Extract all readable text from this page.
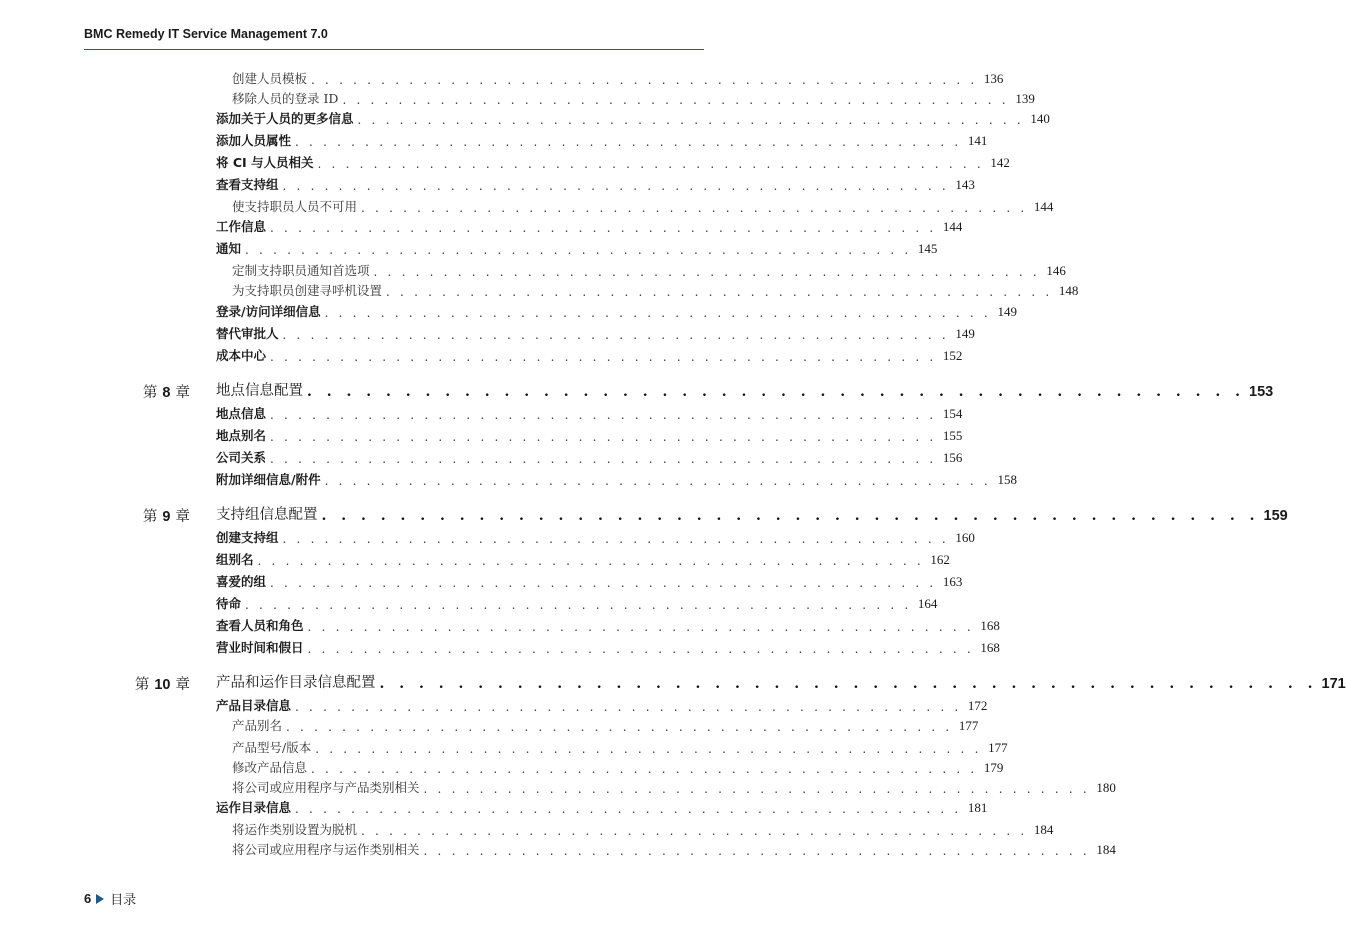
BMC Remedy IT Service Management 7.0
创建人员模板 . . . . . . . . . . . . . . . . . . . . . . . . . . . . . . . . . . . . . . . . . . . . . . . . 136
移除人员的登录 ID . . . . . . . . . . . . . . . . . . . . . . . . . . . . . . . . . . . . . . . . . . . . . . . . 139
添加关于人员的更多信息 . . . . . . . . . . . . . . . . . . . . . . . . . . . . . . . . . . . . . . . . . . . . . . . . 140
添加人员属性 . . . . . . . . . . . . . . . . . . . . . . . . . . . . . . . . . . . . . . . . . . . . . . . . 141
将 CI 与人员相关 . . . . . . . . . . . . . . . . . . . . . . . . . . . . . . . . . . . . . . . . . . . . . . . . 142
查看支持组 . . . . . . . . . . . . . . . . . . . . . . . . . . . . . . . . . . . . . . . . . . . . . . . . 143
使支持职员人员不可用 . . . . . . . . . . . . . . . . . . . . . . . . . . . . . . . . . . . . . . . . . . . . . . . . 144
工作信息 . . . . . . . . . . . . . . . . . . . . . . . . . . . . . . . . . . . . . . . . . . . . . . . . 144
通知 . . . . . . . . . . . . . . . . . . . . . . . . . . . . . . . . . . . . . . . . . . . . . . . . 145
定制支持职员通知首选项 . . . . . . . . . . . . . . . . . . . . . . . . . . . . . . . . . . . . . . . . . . . . . . . . 146
为支持职员创建寻呼机设置 . . . . . . . . . . . . . . . . . . . . . . . . . . . . . . . . . . . . . . . . . . . . . . . . 148
登录/访问详细信息 . . . . . . . . . . . . . . . . . . . . . . . . . . . . . . . . . . . . . . . . . . . . . . . . 149
替代审批人 . . . . . . . . . . . . . . . . . . . . . . . . . . . . . . . . . . . . . . . . . . . . . . . . 149
成本中心 . . . . . . . . . . . . . . . . . . . . . . . . . . . . . . . . . . . . . . . . . . . . . . . . 152
第 8 章 地点信息配置 . . . . . . . . . . . . . . . . . . . . . . . . . . . . . . . . . . . . . . . . . . . . . . . . 153
地点信息 . . . . . . . . . . . . . . . . . . . . . . . . . . . . . . . . . . . . . . . . . . . . . . . . 154
地点别名 . . . . . . . . . . . . . . . . . . . . . . . . . . . . . . . . . . . . . . . . . . . . . . . . 155
公司关系 . . . . . . . . . . . . . . . . . . . . . . . . . . . . . . . . . . . . . . . . . . . . . . . . 156
附加详细信息/附件 . . . . . . . . . . . . . . . . . . . . . . . . . . . . . . . . . . . . . . . . . . . . . . . . 158
第 9 章 支持组信息配置 . . . . . . . . . . . . . . . . . . . . . . . . . . . . . . . . . . . . . . . . . . . . . . . . 159
创建支持组 . . . . . . . . . . . . . . . . . . . . . . . . . . . . . . . . . . . . . . . . . . . . . . . . 160
组别名 . . . . . . . . . . . . . . . . . . . . . . . . . . . . . . . . . . . . . . . . . . . . . . . . 162
喜爱的组 . . . . . . . . . . . . . . . . . . . . . . . . . . . . . . . . . . . . . . . . . . . . . . . . 163
待命 . . . . . . . . . . . . . . . . . . . . . . . . . . . . . . . . . . . . . . . . . . . . . . . . 164
查看人员和角色 . . . . . . . . . . . . . . . . . . . . . . . . . . . . . . . . . . . . . . . . . . . . . . . . 168
营业时间和假日 . . . . . . . . . . . . . . . . . . . . . . . . . . . . . . . . . . . . . . . . . . . . . . . . 168
第 10 章 产品和运作目录信息配置 . . . . . . . . . . . . . . . . . . . . . . . . . . . . . . . . . . . . . . . . . . . . . . . . 171
产品目录信息 . . . . . . . . . . . . . . . . . . . . . . . . . . . . . . . . . . . . . . . . . . . . . . . . 172
产品别名 . . . . . . . . . . . . . . . . . . . . . . . . . . . . . . . . . . . . . . . . . . . . . . . . 177
产品型号/版本 . . . . . . . . . . . . . . . . . . . . . . . . . . . . . . . . . . . . . . . . . . . . . . . . 177
修改产品信息 . . . . . . . . . . . . . . . . . . . . . . . . . . . . . . . . . . . . . . . . . . . . . . . . 179
将公司或应用程序与产品类别相关 . . . . . . . . . . . . . . . . . . . . . . . . . . . . . . . . . . . . . . . . . . . . . . . . 180
运作目录信息 . . . . . . . . . . . . . . . . . . . . . . . . . . . . . . . . . . . . . . . . . . . . . . . . 181
将运作类别设置为脱机 . . . . . . . . . . . . . . . . . . . . . . . . . . . . . . . . . . . . . . . . . . . . . . . . 184
将公司或应用程序与运作类别相关 . . . . . . . . . . . . . . . . . . . . . . . . . . . . . . . . . . . . . . . . . . . . . . . . 184
6 目录
